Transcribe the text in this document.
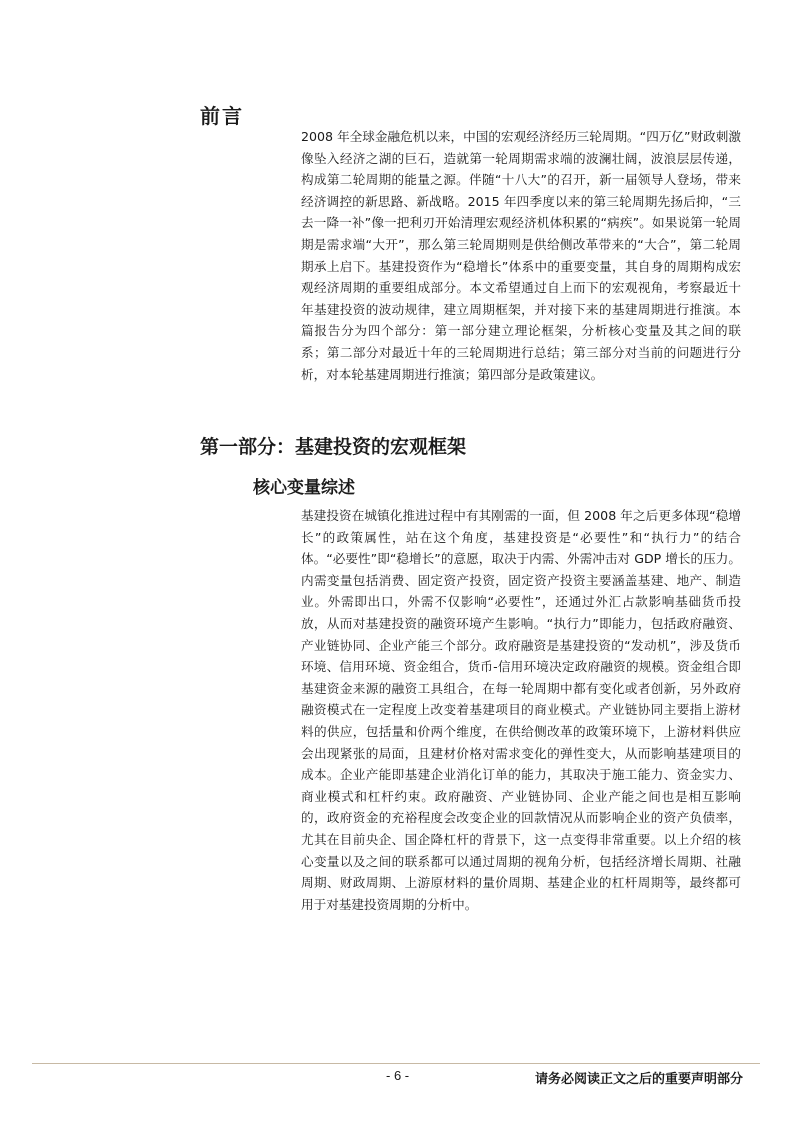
前言

2008 年全球金融危机以来，中国的宏观经济经历三轮周期。“四万亿”财政刺激像坠入经济之湖的巨石，造就第一轮周期需求端的波澜壮阔，波浪层层传递，构成第二轮周期的能量之源。伴随“十八大”的召开，新一届领导人登场，带来经济调控的新思路、新战略。2015 年四季度以来的第三轮周期先扬后抑，“三去一降一补”像一把利刃开始清理宏观经济机体积累的“病疾”。如果说第一轮周期是需求端“大开”，那么第三轮周期则是供给侧改革带来的“大合”，第二轮周期承上启下。基建投资作为“稳增长”体系中的重要变量，其自身的周期构成宏观经济周期的重要组成部分。本文希望通过自上而下的宏观视角，考察最近十年基建投资的波动规律，建立周期框架，并对接下来的基建周期进行推演。本篇报告分为四个部分：第一部分建立理论框架，分析核心变量及其之间的联系；第二部分对最近十年的三轮周期进行总结；第三部分对当前的问题进行分析，对本轮基建周期进行推演；第四部分是政策建议。

第一部分：基建投资的宏观框架
核心变量综述

基建投资在城镇化推进过程中有其刚需的一面，但 2008 年之后更多体现“稳增长”的政策属性，站在这个角度，基建投资是“必要性”和“执行力”的结合体。“必要性”即“稳增长”的意愿，取决于内需、外需冲击对 GDP 增长的压力。内需变量包括消费、固定资产投资，固定资产投资主要涵盖基建、地产、制造业。外需即出口，外需不仅影响“必要性”，还通过外汇占款影响基础货币投放，从而对基建投资的融资环境产生影响。“执行力”即能力，包括政府融资、产业链协同、企业产能三个部分。政府融资是基建投资的“发动机”，涉及货币环境、信用环境、资金组合，货币-信用环境决定政府融资的规模。资金组合即基建资金来源的融资工具组合，在每一轮周期中都有变化或者创新，另外政府融资模式在一定程度上改变着基建项目的商业模式。产业链协同主要指上游材料的供应，包括量和价两个维度，在供给侧改革的政策环境下，上游材料供应会出现紧张的局面，且建材价格对需求变化的弹性变大，从而影响基建项目的成本。企业产能即基建企业消化订单的能力，其取决于施工能力、资金实力、商业模式和杠杆约束。政府融资、产业链协同、企业产能之间也是相互影响的，政府资金的充裕程度会改变企业的回款情况从而影响企业的资产负债率，尤其在目前央企、国企降杠杆的背景下，这一点变得非常重要。以上介绍的核心变量以及之间的联系都可以通过周期的视角分析，包括经济增长周期、社融周期、财政周期、上游原材料的量价周期、基建企业的杠杆周期等，最终都可用于对基建投资周期的分析中。

- 6 -	请务必阅读正文之后的重要声明部分
